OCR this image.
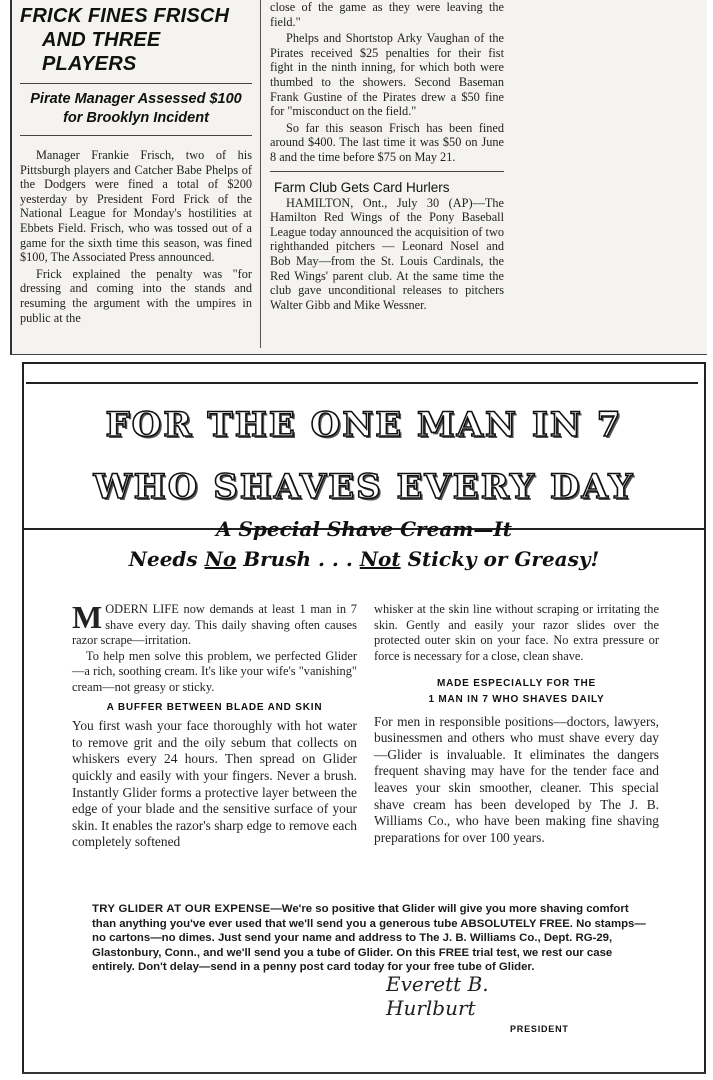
FRICK FINES FRISCH
AND THREE PLAYERS
Pirate Manager Assessed $100 for Brooklyn Incident

Manager Frankie Frisch, two of his Pittsburgh players and Catcher Babe Phelps of the Dodgers were fined a total of $200 yesterday by President Ford Frick of the National League for Monday's hostilities at Ebbets Field. Frisch, who was tossed out of a game for the sixth time this season, was fined $100, The Associated Press announced.

Frick explained the penalty was "for dressing and coming into the stands and resuming the argument with the umpires in public at the

close of the game as they were leaving the field."

Phelps and Shortstop Arky Vaughan of the Pirates received $25 penalties for their fist fight in the ninth inning, for which both were thumbed to the showers. Second Baseman Frank Gustine of the Pirates drew a $50 fine for "misconduct on the field."

So far this season Frisch has been fined around $400. The last time it was $50 on June 8 and the time before $75 on May 21.

Farm Club Gets Card Hurlers

HAMILTON, Ont., July 30 (AP)—The Hamilton Red Wings of the Pony Baseball League today announced the acquisition of two righthanded pitchers — Leonard Nosel and Bob May—from the St. Louis Cardinals, the Red Wings' parent club. At the same time the club gave unconditional releases to pitchers Walter Gibb and Mike Wessner.

FOR THE ONE MAN IN 7
WHO SHAVES EVERY DAY
A Special Shave Cream—It
Needs No Brush . . . Not Sticky or Greasy!

MODERN LIFE now demands at least 1 man in 7 shave every day. This daily shaving often causes razor scrape—irritation.

To help men solve this problem, we perfected Glider—a rich, soothing cream. It's like your wife's "vanishing" cream—not greasy or sticky.

A BUFFER BETWEEN BLADE AND SKIN

You first wash your face thoroughly with hot water to remove grit and the oily sebum that collects on whiskers every 24 hours. Then spread on Glider quickly and easily with your fingers. Never a brush. Instantly Glider forms a protective layer between the edge of your blade and the sensitive surface of your skin. It enables the razor's sharp edge to remove each completely softened

whisker at the skin line without scraping or irritating the skin. Gently and easily your razor slides over the protected outer skin on your face. No extra pressure or force is necessary for a close, clean shave.

MADE ESPECIALLY FOR THE
1 MAN IN 7 WHO SHAVES DAILY

For men in responsible positions—doctors, lawyers, businessmen and others who must shave every day—Glider is invaluable. It eliminates the dangers frequent shaving may have for the tender face and leaves your skin smoother, cleaner. This special shave cream has been developed by The J. B. Williams Co., who have been making fine shaving preparations for over 100 years.

TRY GLIDER AT OUR EXPENSE—We're so positive that Glider will give you more shaving comfort than anything you've ever used that we'll send you a generous tube ABSOLUTELY FREE. No stamps—no cartons—no dimes. Just send your name and address to The J. B. Williams Co., Dept. RG-29, Glastonbury, Conn., and we'll send you a tube of Glider. On this FREE trial test, we rest our case entirely. Don't delay—send in a penny post card today for your free tube of Glider.
Everett B. Hurlburt
PRESIDENT
